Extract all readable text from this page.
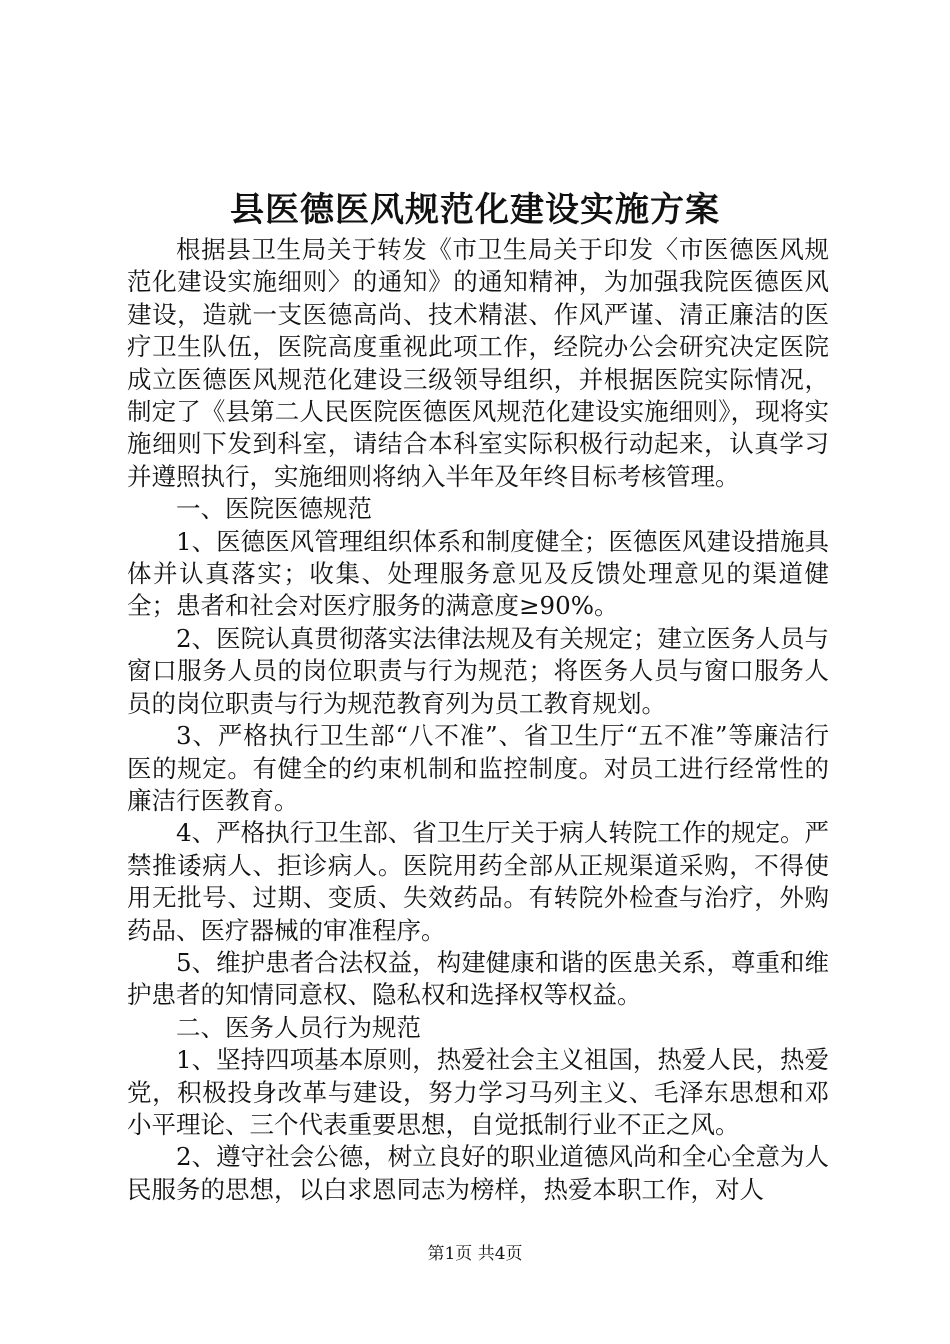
县医德医风规范化建设实施方案

根据县卫生局关于转发《市卫生局关于印发〈市医德医风规范化建设实施细则〉的通知》的通知精神，为加强我院医德医风建设，造就一支医德高尚、技术精湛、作风严谨、清正廉洁的医疗卫生队伍，医院高度重视此项工作，经院办公会研究决定医院成立医德医风规范化建设三级领导组织，并根据医院实际情况，制定了《县第二人民医院医德医风规范化建设实施细则》，现将实施细则下发到科室，请结合本科室实际积极行动起来，认真学习并遵照执行，实施细则将纳入半年及年终目标考核管理。

一、医院医德规范

1、医德医风管理组织体系和制度健全；医德医风建设措施具体并认真落实；收集、处理服务意见及反馈处理意见的渠道健全；患者和社会对医疗服务的满意度≥90%。

2、医院认真贯彻落实法律法规及有关规定；建立医务人员与窗口服务人员的岗位职责与行为规范；将医务人员与窗口服务人员的岗位职责与行为规范教育列为员工教育规划。

3、严格执行卫生部“八不准”、省卫生厅“五不准”等廉洁行医的规定。有健全的约束机制和监控制度。对员工进行经常性的廉洁行医教育。

4、严格执行卫生部、省卫生厅关于病人转院工作的规定。严禁推诿病人、拒诊病人。医院用药全部从正规渠道采购，不得使用无批号、过期、变质、失效药品。有转院外检查与治疗，外购药品、医疗器械的审准程序。

5、维护患者合法权益，构建健康和谐的医患关系，尊重和维护患者的知情同意权、隐私权和选择权等权益。

二、医务人员行为规范

1、坚持四项基本原则，热爱社会主义祖国，热爱人民，热爱党，积极投身改革与建设，努力学习马列主义、毛泽东思想和邓小平理论、三个代表重要思想，自觉抵制行业不正之风。

2、遵守社会公德，树立良好的职业道德风尚和全心全意为人民服务的思想，以白求恩同志为榜样，热爱本职工作，对人

第1页 共4页
